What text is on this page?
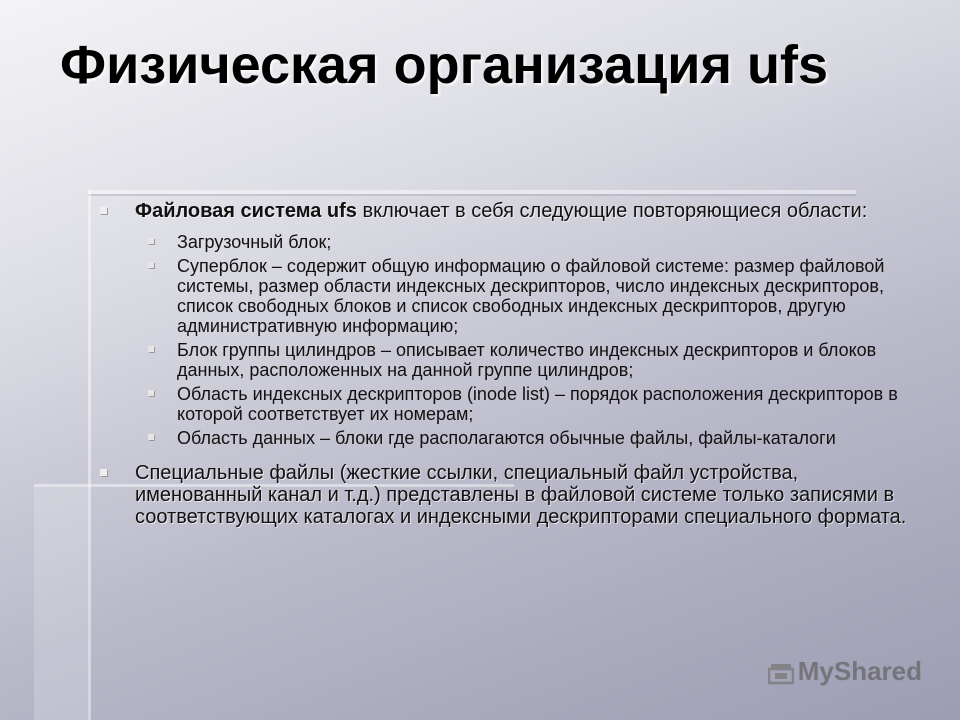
Физическая организация ufs
Файловая система ufs включает в себя следующие повторяющиеся области:
Загрузочный блок;
Суперблок – содержит общую информацию о файловой системе: размер файловой системы, размер области индексных дескрипторов, число индексных дескрипторов, список свободных блоков и список свободных индексных дескрипторов, другую административную информацию;
Блок группы цилиндров – описывает количество индексных дескрипторов и блоков данных, расположенных на данной группе цилиндров;
Область индексных дескрипторов (inode list) – порядок расположения дескрипторов в которой соответствует их номерам;
Область данных – блоки где располагаются обычные файлы, файлы-каталоги
Специальные файлы (жесткие ссылки, специальный файл устройства, именованный канал и т.д.) представлены в файловой системе только записями в соответствующих каталогах и индексными дескрипторами специального формата.
MyShared
